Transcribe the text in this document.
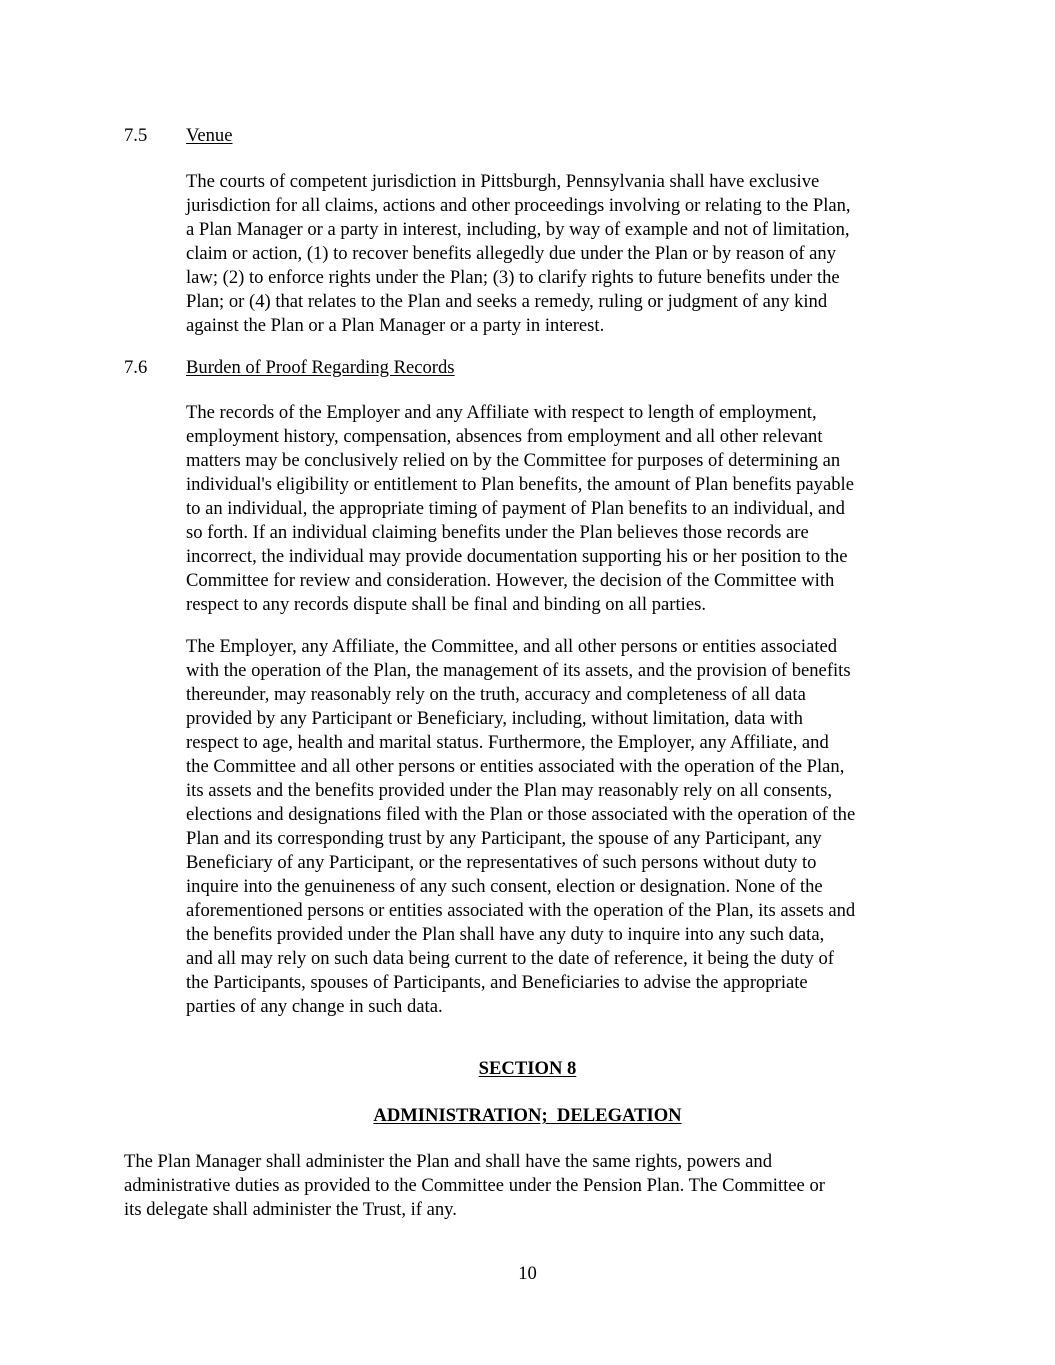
7.5 Venue

The courts of competent jurisdiction in Pittsburgh, Pennsylvania shall have exclusive
jurisdiction for all claims, actions and other proceedings involving or relating to the Plan,
a Plan Manager or a party in interest, including, by way of example and not of limitation,
claim or action, (1) to recover benefits allegedly due under the Plan or by reason of any
law; (2) to enforce rights under the Plan; (3) to clarify rights to future benefits under the
Plan; or (4) that relates to the Plan and seeks a remedy, ruling or judgment of any kind
against the Plan or a Plan Manager or a party in interest.

7.6 Burden of Proof Regarding Records

The records of the Employer and any Affiliate with respect to length of employment,
employment history, compensation, absences from employment and all other relevant
matters may be conclusively relied on by the Committee for purposes of determining an
individual's eligibility or entitlement to Plan benefits, the amount of Plan benefits payable
to an individual, the appropriate timing of payment of Plan benefits to an individual, and
so forth. If an individual claiming benefits under the Plan believes those records are
incorrect, the individual may provide documentation supporting his or her position to the
Committee for review and consideration. However, the decision of the Committee with
respect to any records dispute shall be final and binding on all parties.

The Employer, any Affiliate, the Committee, and all other persons or entities associated
with the operation of the Plan, the management of its assets, and the provision of benefits
thereunder, may reasonably rely on the truth, accuracy and completeness of all data
provided by any Participant or Beneficiary, including, without limitation, data with
respect to age, health and marital status. Furthermore, the Employer, any Affiliate, and
the Committee and all other persons or entities associated with the operation of the Plan,
its assets and the benefits provided under the Plan may reasonably rely on all consents,
elections and designations filed with the Plan or those associated with the operation of the
Plan and its corresponding trust by any Participant, the spouse of any Participant, any
Beneficiary of any Participant, or the representatives of such persons without duty to
inquire into the genuineness of any such consent, election or designation. None of the
aforementioned persons or entities associated with the operation of the Plan, its assets and
the benefits provided under the Plan shall have any duty to inquire into any such data,
and all may rely on such data being current to the date of reference, it being the duty of
the Participants, spouses of Participants, and Beneficiaries to advise the appropriate
parties of any change in such data.

SECTION 8
ADMINISTRATION;  DELEGATION

The Plan Manager shall administer the Plan and shall have the same rights, powers and
administrative duties as provided to the Committee under the Pension Plan. The Committee or
its delegate shall administer the Trust, if any.

10
